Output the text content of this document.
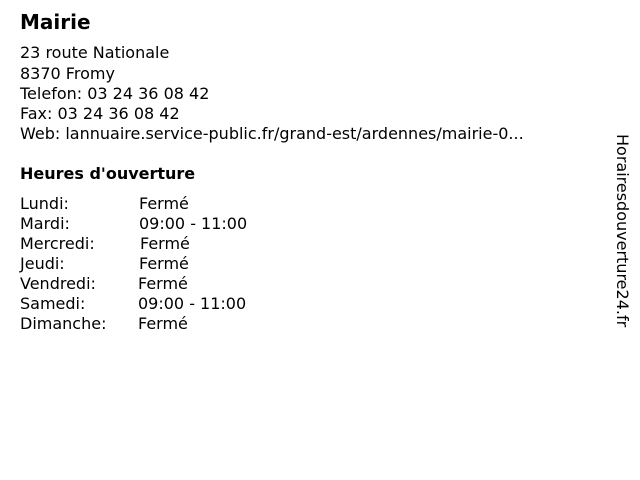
Mairie
23 route Nationale
8370 Fromy
Telefon: 03 24 36 08 42
Fax: 03 24 36 08 42
Web: lannuaire.service-public.fr/grand-est/ardennes/mairie-0...
Heures d'ouverture
Lundi:	Fermé
Mardi:	09:00 - 11:00
Mercredi:	Fermé
Jeudi:	Fermé
Vendredi:	Fermé
Samedi:	09:00 - 11:00
Dimanche: Fermé	Horairesdouverture24.fr
